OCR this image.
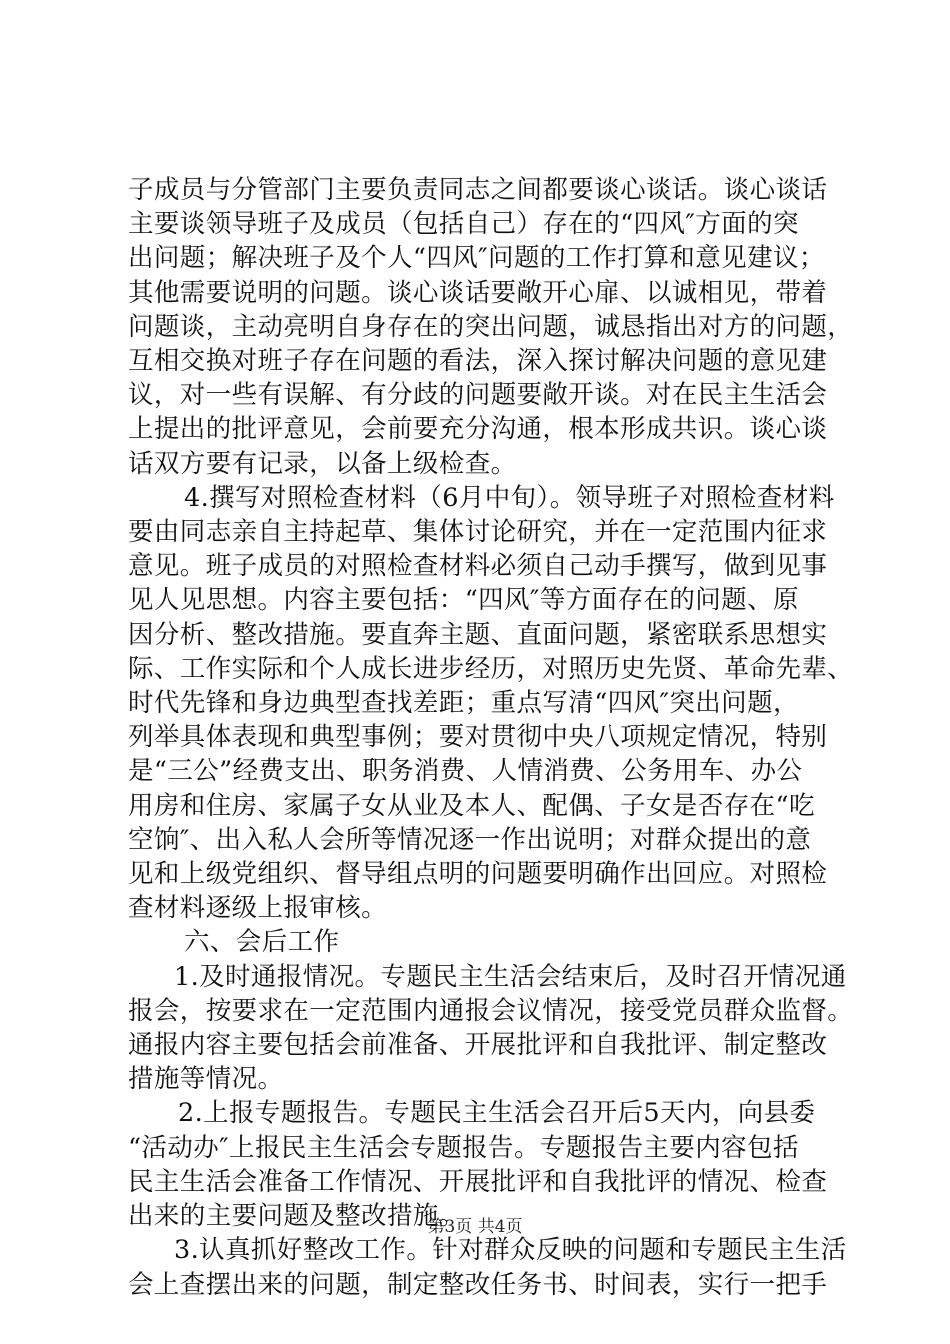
子成员与分管部门主要负责同志之间都要谈心谈话。谈心谈话
主要谈领导班子及成员（包括自己）存在的“四风″方面的突
出问题；解决班子及个人“四风″问题的工作打算和意见建议；
其他需要说明的问题。谈心谈话要敞开心扉、以诚相见，带着
问题谈，主动亮明自身存在的突出问题，诚恳指出对方的问题，
互相交换对班子存在问题的看法，深入探讨解决问题的意见建
议，对一些有误解、有分歧的问题要敞开谈。对在民主生活会
上提出的批评意见，会前要充分沟通，根本形成共识。谈心谈
话双方要有记录，以备上级检查。
4.撰写对照检查材料（6月中旬）。领导班子对照检查材料
要由同志亲自主持起草、集体讨论研究，并在一定范围内征求
意见。班子成员的对照检查材料必须自己动手撰写，做到见事
见人见思想。内容主要包括：“四风″等方面存在的问题、原
因分析、整改措施。要直奔主题、直面问题，紧密联系思想实
际、工作实际和个人成长进步经历，对照历史先贤、革命先辈、
时代先锋和身边典型查找差距；重点写清“四风″突出问题，
列举具体表现和典型事例；要对贯彻中央八项规定情况，特别
是“三公”经费支出、职务消费、人情消费、公务用车、办公
用房和住房、家属子女从业及本人、配偶、子女是否存在“吃
空饷″、出入私人会所等情况逐一作出说明；对群众提出的意
见和上级党组织、督导组点明的问题要明确作出回应。对照检
查材料逐级上报审核。
六、会后工作
1.及时通报情况。专题民主生活会结束后，及时召开情况通
报会，按要求在一定范围内通报会议情况，接受党员群众监督。
通报内容主要包括会前准备、开展批评和自我批评、制定整改
措施等情况。
2.上报专题报告。专题民主生活会召开后5天内，向县委
“活动办″上报民主生活会专题报告。专题报告主要内容包括
民主生活会准备工作情况、开展批评和自我批评的情况、检查
出来的主要问题及整改措施。
3.认真抓好整改工作。针对群众反映的问题和专题民主生活
会上查摆出来的问题，制定整改任务书、时间表，实行一把手
第3页 共4页
